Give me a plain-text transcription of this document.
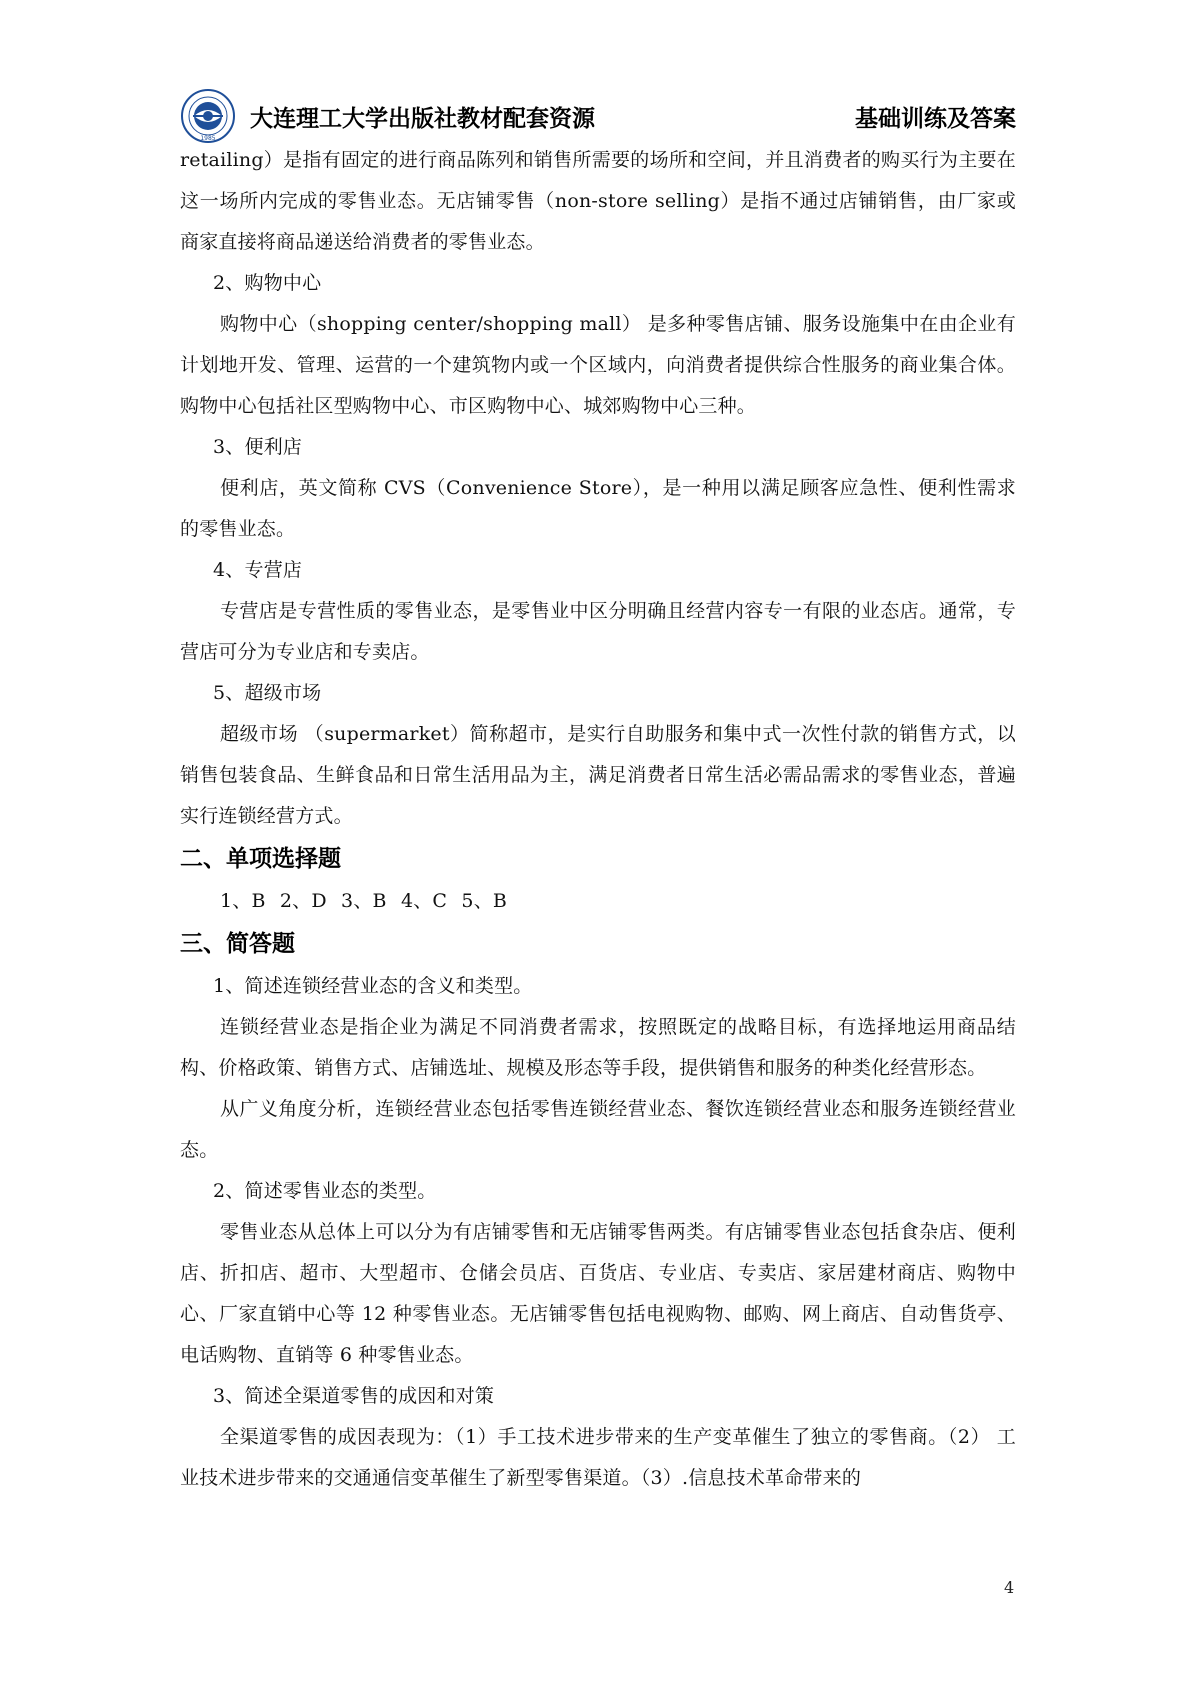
1985
大连理工大学出版社教材配套资源	基础训练及答案

retailing）是指有固定的进行商品陈列和销售所需要的场所和空间，并且消费者的购买行为主要在这一场所内完成的零售业态。无店铺零售（non-store selling）是指不通过店铺销售，由厂家或商家直接将商品递送给消费者的零售业态。

2、购物中心

购物中心（shopping center/shopping mall） 是多种零售店铺、服务设施集中在由企业有计划地开发、管理、运营的一个建筑物内或一个区域内，向消费者提供综合性服务的商业集合体。购物中心包括社区型购物中心、市区购物中心、城郊购物中心三种。

3、便利店

便利店，英文简称 CVS（Convenience Store），是一种用以满足顾客应急性、便利性需求的零售业态。

4、专营店

专营店是专营性质的零售业态，是零售业中区分明确且经营内容专一有限的业态店。通常，专营店可分为专业店和专卖店。

5、超级市场

超级市场 （supermarket）简称超市，是实行自助服务和集中式一次性付款的销售方式，以销售包装食品、生鲜食品和日常生活用品为主，满足消费者日常生活必需品需求的零售业态，普遍实行连锁经营方式。

二、单项选择题

1、B 2、D 3、B 4、C 5、B

三、简答题

1、简述连锁经营业态的含义和类型。

连锁经营业态是指企业为满足不同消费者需求，按照既定的战略目标，有选择地运用商品结构、价格政策、销售方式、店铺选址、规模及形态等手段，提供销售和服务的种类化经营形态。

从广义角度分析，连锁经营业态包括零售连锁经营业态、餐饮连锁经营业态和服务连锁经营业态。

2、简述零售业态的类型。

零售业态从总体上可以分为有店铺零售和无店铺零售两类。有店铺零售业态包括食杂店、便利店、折扣店、超市、大型超市、仓储会员店、百货店、专业店、专卖店、家居建材商店、购物中心、厂家直销中心等 12 种零售业态。无店铺零售包括电视购物、邮购、网上商店、自动售货亭、电话购物、直销等 6 种零售业态。

3、简述全渠道零售的成因和对策

全渠道零售的成因表现为：（1）手工技术进步带来的生产变革催生了独立的零售商。（2） 工业技术进步带来的交通通信变革催生了新型零售渠道。（3）.信息技术革命带来的

4
